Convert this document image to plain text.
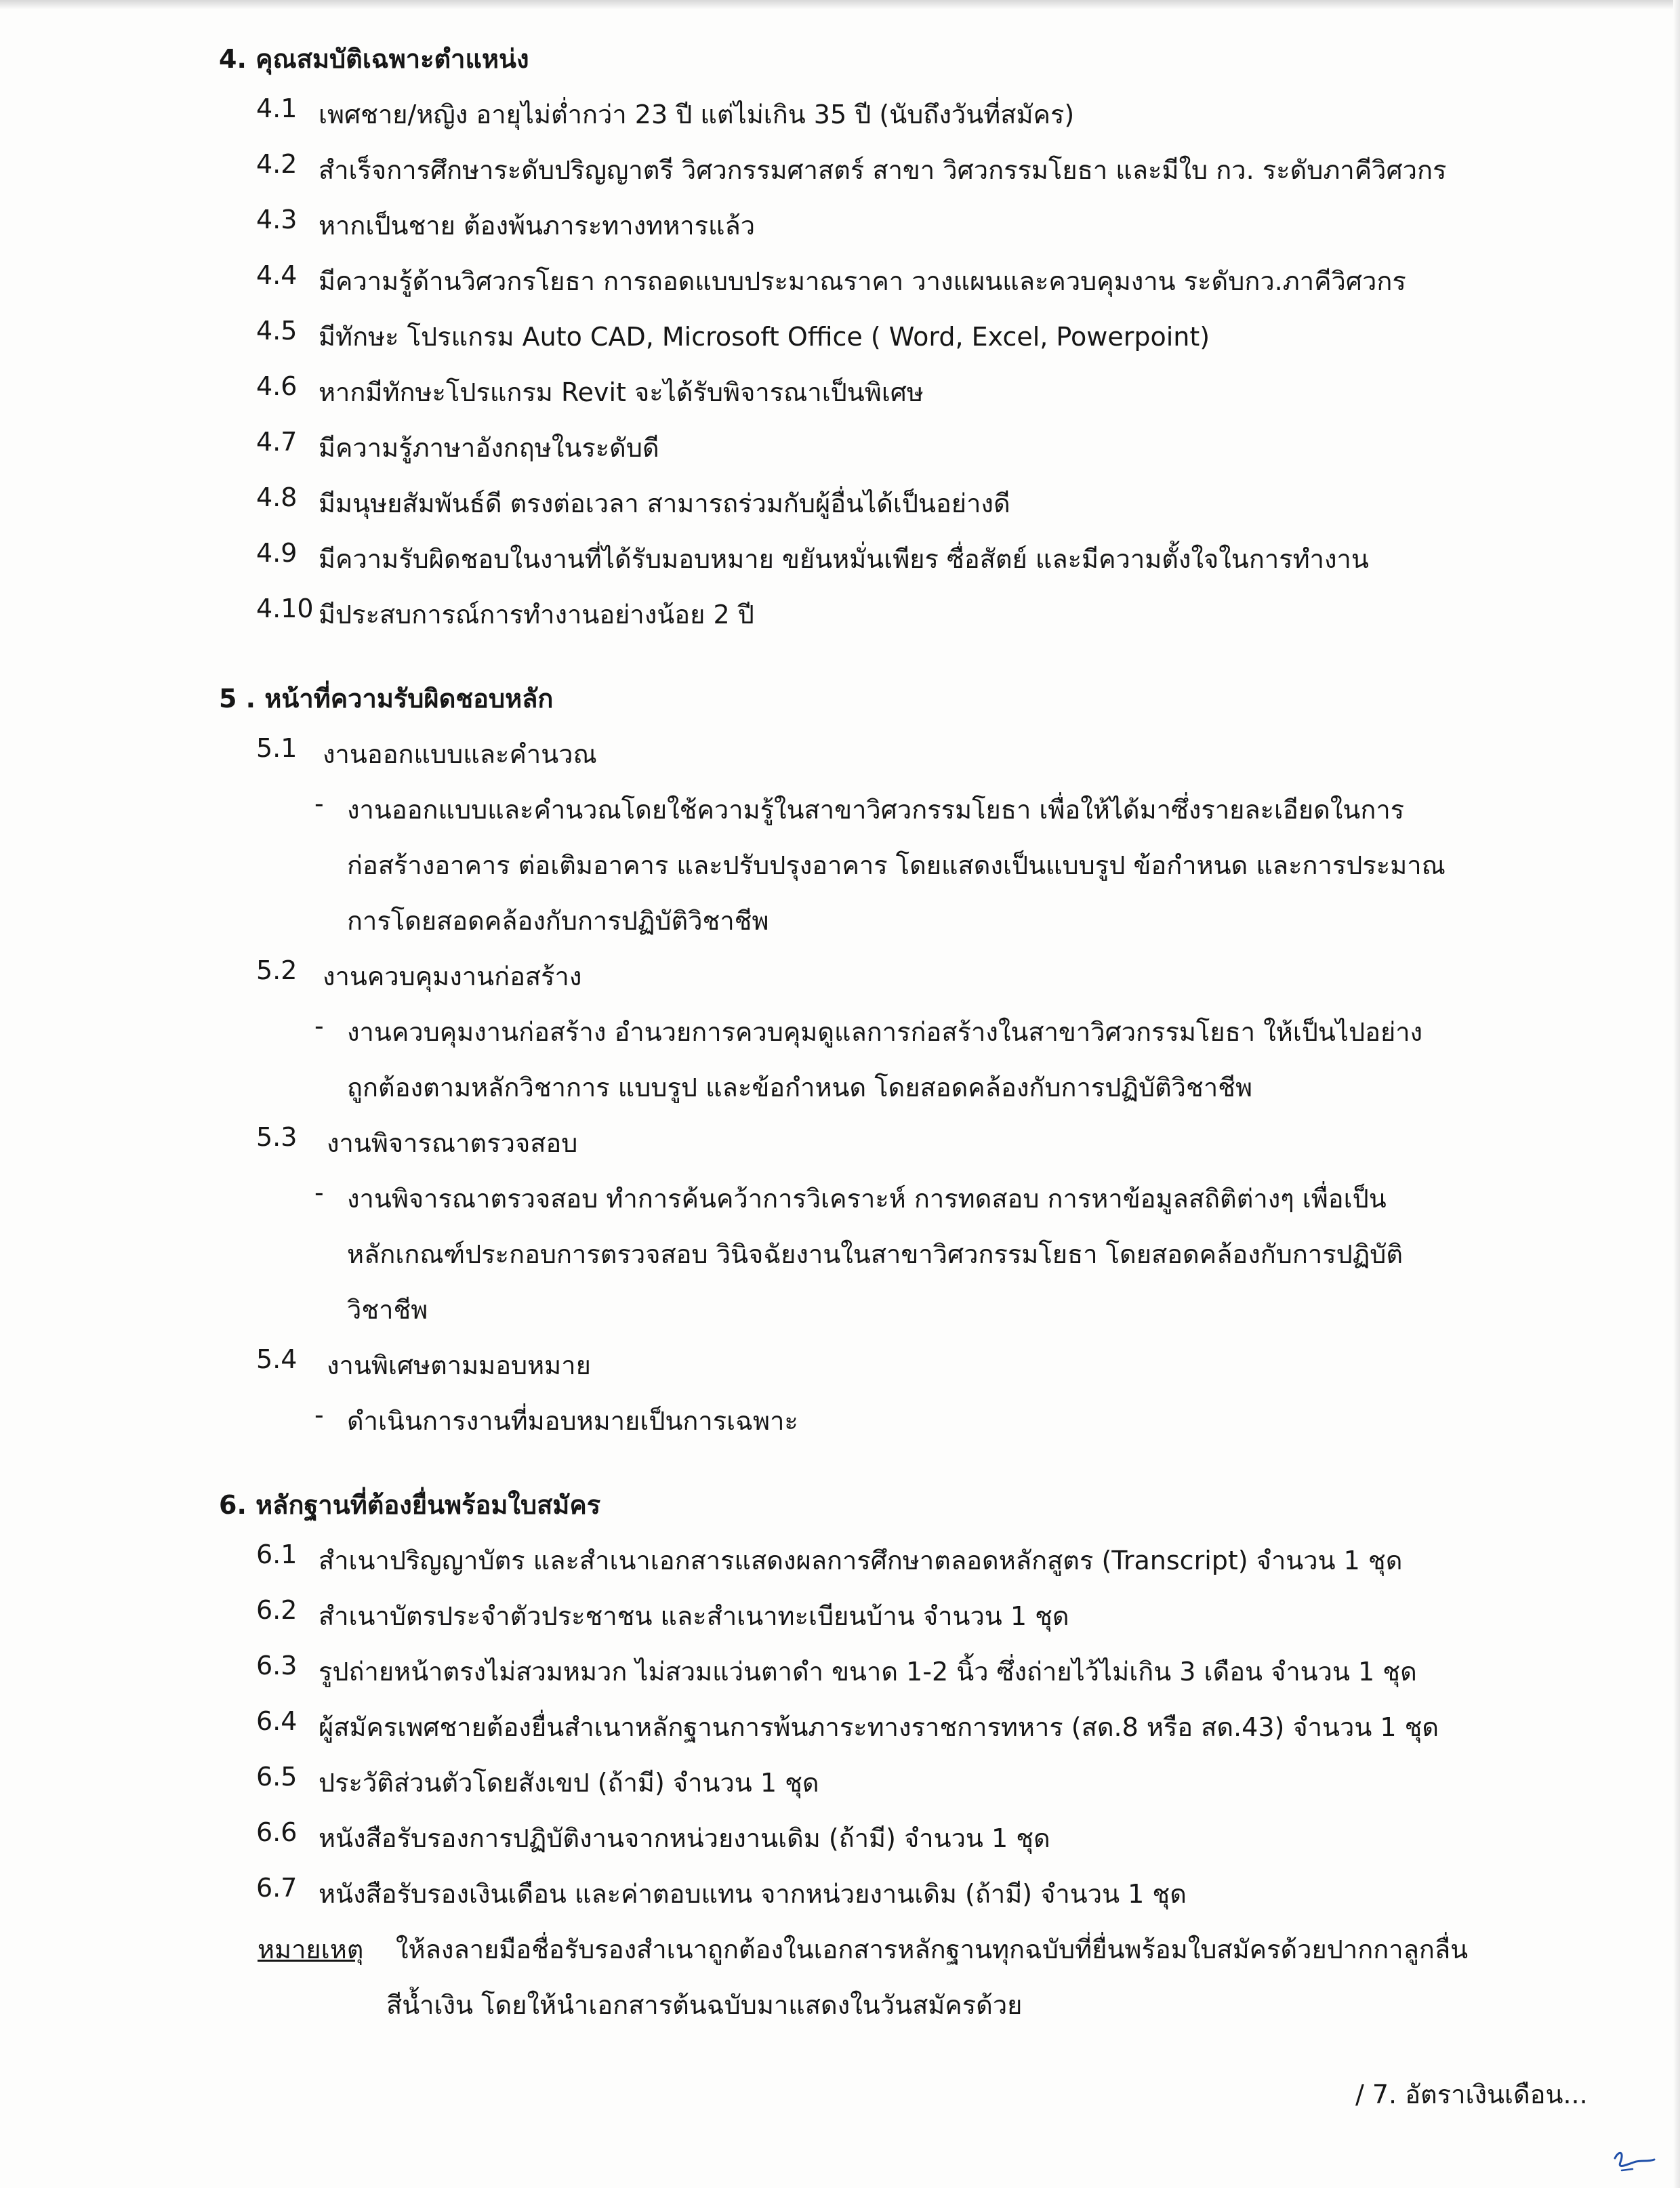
4. คุณสมบัติเฉพาะตำแหน่ง
4.1 เพศชาย/หญิง อายุไม่ต่ำกว่า 23 ปี แต่ไม่เกิน 35 ปี (นับถึงวันที่สมัคร)
4.2 สำเร็จการศึกษาระดับปริญญาตรี วิศวกรรมศาสตร์ สาขา วิศวกรรมโยธา และมีใบ กว. ระดับภาคีวิศวกร
4.3 หากเป็นชาย ต้องพ้นภาระทางทหารแล้ว
4.4 มีความรู้ด้านวิศวกรโยธา การถอดแบบประมาณราคา วางแผนและควบคุมงาน ระดับกว.ภาคีวิศวกร
4.5 มีทักษะ โปรแกรม Auto CAD, Microsoft Office ( Word, Excel, Powerpoint)
4.6 หากมีทักษะโปรแกรม Revit จะได้รับพิจารณาเป็นพิเศษ
4.7 มีความรู้ภาษาอังกฤษในระดับดี
4.8 มีมนุษยสัมพันธ์ดี ตรงต่อเวลา สามารถร่วมกับผู้อื่นได้เป็นอย่างดี
4.9 มีความรับผิดชอบในงานที่ได้รับมอบหมาย ขยันหมั่นเพียร ซื่อสัตย์ และมีความตั้งใจในการทำงาน
4.10 มีประสบการณ์การทำงานอย่างน้อย 2 ปี
5 . หน้าที่ความรับผิดชอบหลัก
5.1 งานออกแบบและคำนวณ
- งานออกแบบและคำนวณโดยใช้ความรู้ในสาขาวิศวกรรมโยธา เพื่อให้ได้มาซึ่งรายละเอียดในการ
ก่อสร้างอาคาร ต่อเติมอาคาร และปรับปรุงอาคาร โดยแสดงเป็นแบบรูป ข้อกำหนด และการประมาณ
การโดยสอดคล้องกับการปฏิบัติวิชาชีพ
5.2 งานควบคุมงานก่อสร้าง
- งานควบคุมงานก่อสร้าง อำนวยการควบคุมดูแลการก่อสร้างในสาขาวิศวกรรมโยธา ให้เป็นไปอย่าง
ถูกต้องตามหลักวิชาการ แบบรูป และข้อกำหนด โดยสอดคล้องกับการปฏิบัติวิชาชีพ
5.3 งานพิจารณาตรวจสอบ
- งานพิจารณาตรวจสอบ ทำการค้นคว้าการวิเคราะห์ การทดสอบ การหาข้อมูลสถิติต่างๆ เพื่อเป็น
หลักเกณฑ์ประกอบการตรวจสอบ วินิจฉัยงานในสาขาวิศวกรรมโยธา โดยสอดคล้องกับการปฏิบัติ
วิชาชีพ
5.4 งานพิเศษตามมอบหมาย
- ดำเนินการงานที่มอบหมายเป็นการเฉพาะ
6. หลักฐานที่ต้องยื่นพร้อมใบสมัคร
6.1 สำเนาปริญญาบัตร และสำเนาเอกสารแสดงผลการศึกษาตลอดหลักสูตร (Transcript) จำนวน 1 ชุด
6.2 สำเนาบัตรประจำตัวประชาชน และสำเนาทะเบียนบ้าน จำนวน 1 ชุด
6.3 รูปถ่ายหน้าตรงไม่สวมหมวก ไม่สวมแว่นตาดำ ขนาด 1-2 นิ้ว ซึ่งถ่ายไว้ไม่เกิน 3 เดือน จำนวน 1 ชุด
6.4 ผู้สมัครเพศชายต้องยื่นสำเนาหลักฐานการพ้นภาระทางราชการทหาร (สด.8 หรือ สด.43) จำนวน 1 ชุด
6.5 ประวัติส่วนตัวโดยสังเขป (ถ้ามี) จำนวน 1 ชุด
6.6 หนังสือรับรองการปฏิบัติงานจากหน่วยงานเดิม (ถ้ามี) จำนวน 1 ชุด
6.7 หนังสือรับรองเงินเดือน และค่าตอบแทน จากหน่วยงานเดิม (ถ้ามี) จำนวน 1 ชุด
หมายเหตุ ให้ลงลายมือชื่อรับรองสำเนาถูกต้องในเอกสารหลักฐานทุกฉบับที่ยื่นพร้อมใบสมัครด้วยปากกาลูกลื่น
สีน้ำเงิน โดยให้นำเอกสารต้นฉบับมาแสดงในวันสมัครด้วย
/ 7. อัตราเงินเดือน...
